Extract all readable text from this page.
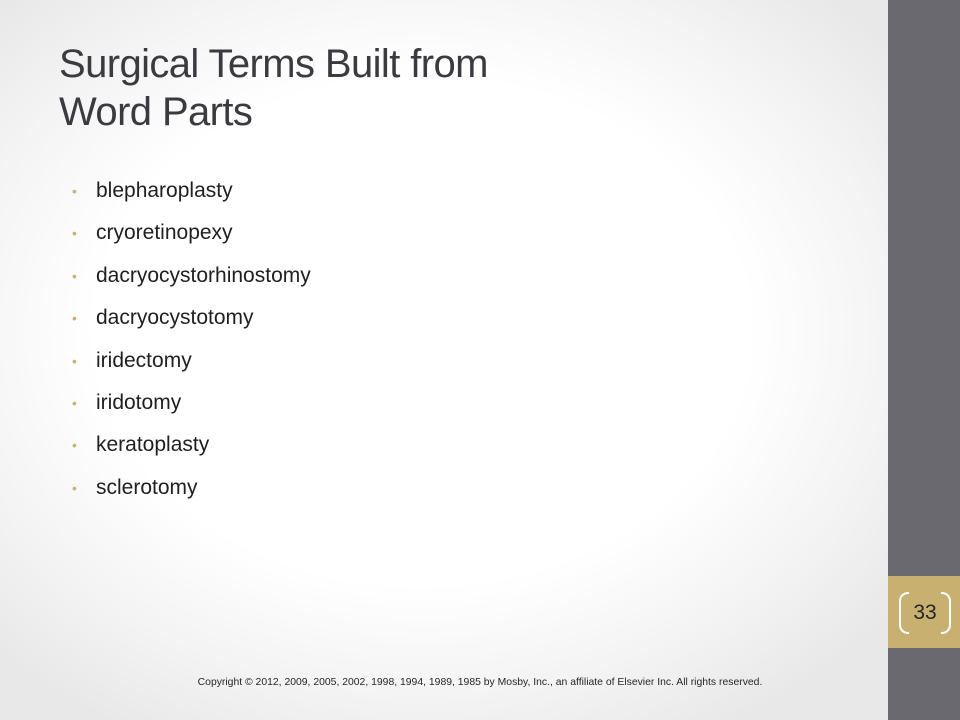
Surgical Terms Built from
Word Parts
• blepharoplasty
• cryoretinopexy
• dacryocystorhinostomy
• dacryocystotomy
• iridectomy
• iridotomy
• keratoplasty
• sclerotomy
33
Copyright © 2012, 2009, 2005, 2002, 1998, 1994, 1989, 1985 by Mosby, Inc., an affiliate of Elsevier Inc. All rights reserved.
